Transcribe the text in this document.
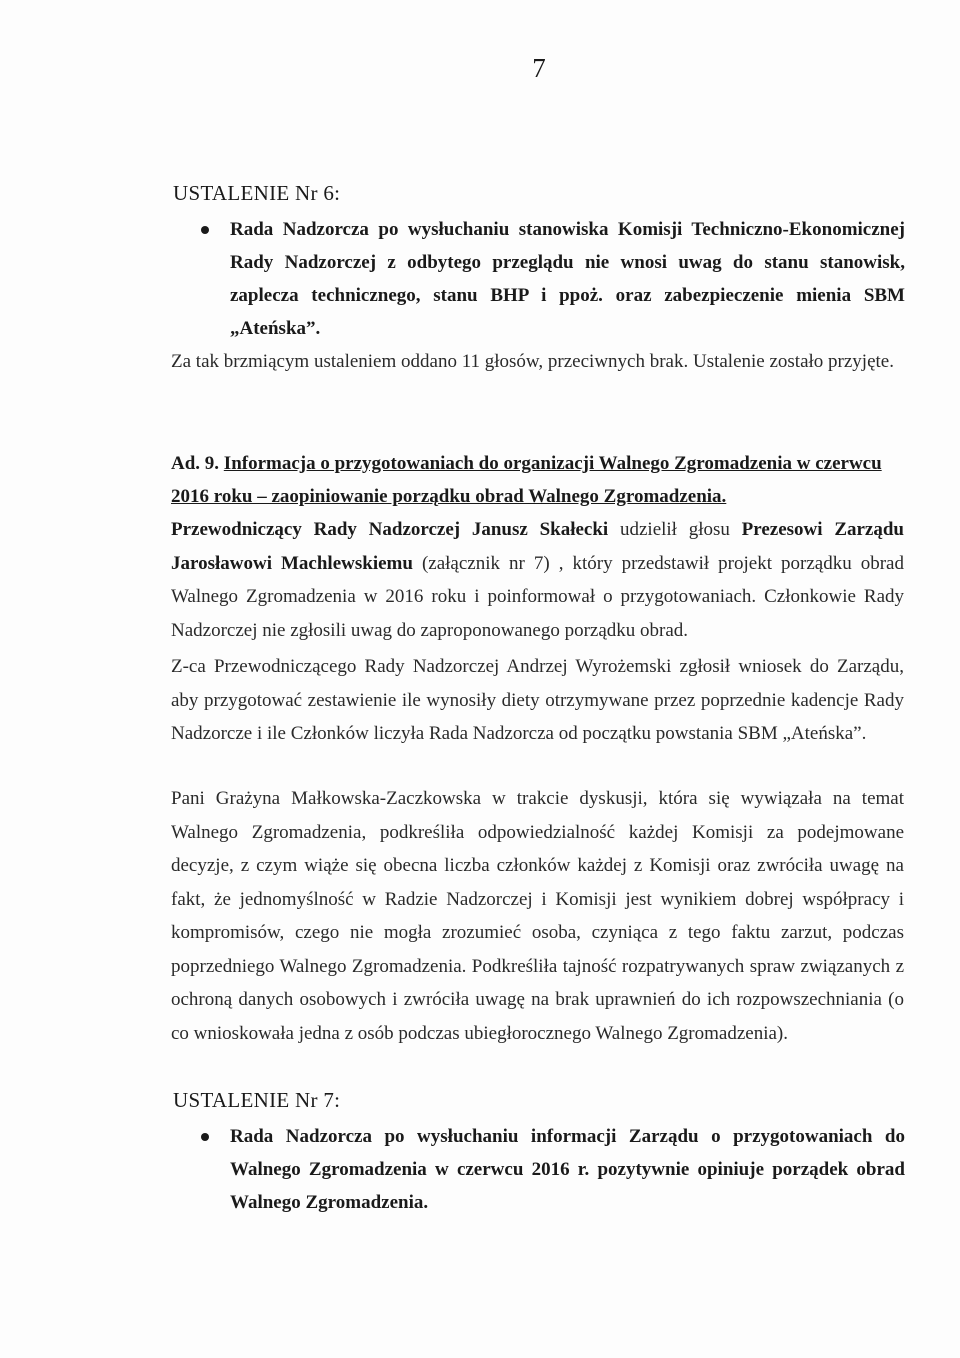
7
USTALENIE Nr 6:

Rada Nadzorcza po wysłuchaniu stanowiska Komisji Techniczno-Ekonomicznej Rady Nadzorczej z odbytego przeglądu nie wnosi uwag do stanu stanowisk, zaplecza technicznego, stanu BHP i ppoż. oraz zabezpieczenie mienia SBM „Ateńska”.

Za tak brzmiącym ustaleniem oddano 11 głosów, przeciwnych brak. Ustalenie zostało przyjęte.
Ad. 9. Informacja o przygotowaniach do organizacji Walnego Zgromadzenia w czerwcu 2016 roku – zaopiniowanie porządku obrad Walnego Zgromadzenia.
Przewodniczący Rady Nadzorczej Janusz Skałecki udzielił głosu Prezesowi Zarządu Jarosławowi Machlewskiemu (załącznik nr 7) , który przedstawił projekt porządku obrad Walnego Zgromadzenia w 2016 roku i poinformował o przygotowaniach. Członkowie Rady Nadzorczej nie zgłosili uwag do zaproponowanego porządku obrad.
Z-ca Przewodniczącego Rady Nadzorczej Andrzej Wyrożemski zgłosił wniosek do Zarządu, aby przygotować zestawienie ile wynosiły diety otrzymywane przez poprzednie kadencje Rady Nadzorcze i ile Członków liczyła Rada Nadzorcza od początku powstania SBM „Ateńska”.
Pani Grażyna Małkowska-Zaczkowska w trakcie dyskusji, która się wywiązała na temat Walnego Zgromadzenia, podkreśliła odpowiedzialność każdej Komisji za podejmowane decyzje, z czym wiąże się obecna liczba członków każdej z Komisji oraz zwróciła uwagę na fakt, że jednomyślność w Radzie Nadzorczej i Komisji jest wynikiem dobrej współpracy i kompromisów, czego nie mogła zrozumieć osoba, czyniąca z tego faktu zarzut, podczas poprzedniego Walnego Zgromadzenia. Podkreśliła tajność rozpatrywanych spraw związanych z ochroną danych osobowych i zwróciła uwagę na brak uprawnień do ich rozpowszechniania (o co wnioskowała jedna z osób podczas ubiegłorocznego Walnego Zgromadzenia).
USTALENIE Nr 7:

Rada Nadzorcza po wysłuchaniu informacji Zarządu o przygotowaniach do Walnego Zgromadzenia w czerwcu 2016 r. pozytywnie opiniuje porządek obrad Walnego Zgromadzenia.
